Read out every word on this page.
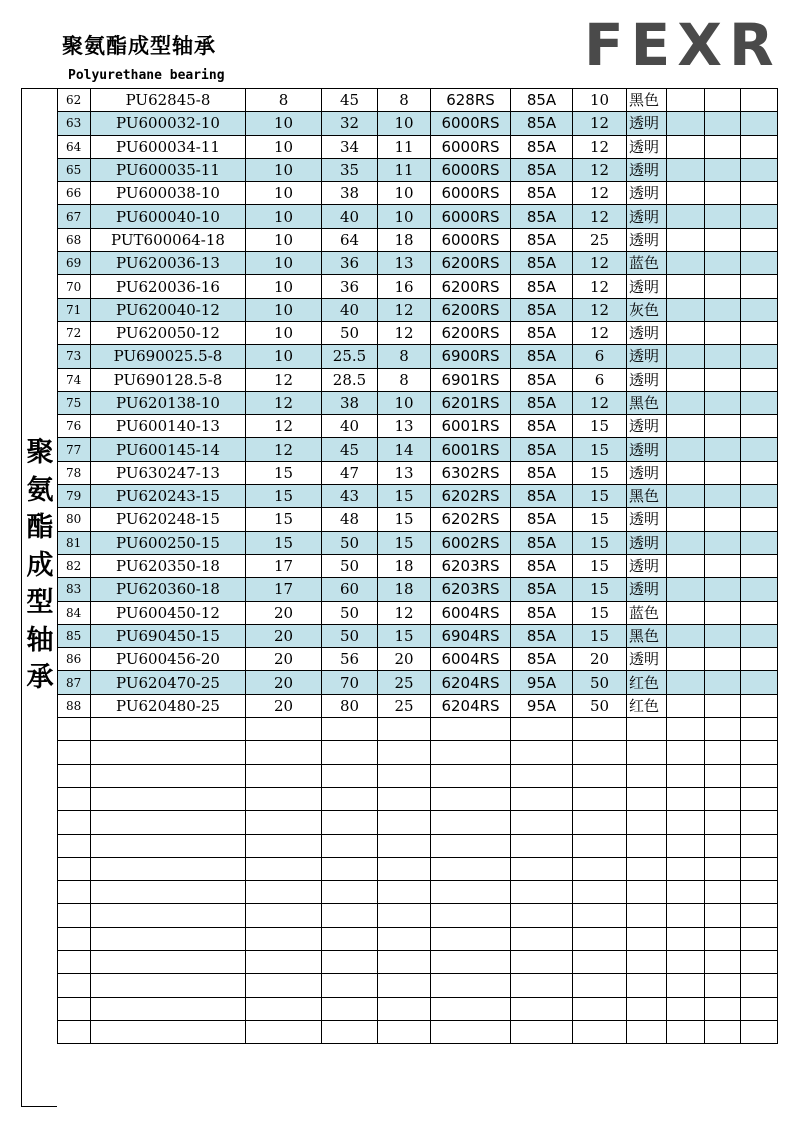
聚氨酯成型轴承
Polyurethane bearing	FEXR
聚
氨
酯
成
型
轴
承
62	PU62845-8	8	45	8	628RS	85A	10	黑色			
63	PU600032-10	10	32	10	6000RS	85A	12	透明			
64	PU600034-11	10	34	11	6000RS	85A	12	透明			
65	PU600035-11	10	35	11	6000RS	85A	12	透明			
66	PU600038-10	10	38	10	6000RS	85A	12	透明			
67	PU600040-10	10	40	10	6000RS	85A	12	透明			
68	PUT600064-18	10	64	18	6000RS	85A	25	透明			
69	PU620036-13	10	36	13	6200RS	85A	12	蓝色			
70	PU620036-16	10	36	16	6200RS	85A	12	透明			
71	PU620040-12	10	40	12	6200RS	85A	12	灰色			
72	PU620050-12	10	50	12	6200RS	85A	12	透明			
73	PU690025.5-8	10	25.5	8	6900RS	85A	6	透明			
74	PU690128.5-8	12	28.5	8	6901RS	85A	6	透明			
75	PU620138-10	12	38	10	6201RS	85A	12	黑色			
76	PU600140-13	12	40	13	6001RS	85A	15	透明			
77	PU600145-14	12	45	14	6001RS	85A	15	透明			
78	PU630247-13	15	47	13	6302RS	85A	15	透明			
79	PU620243-15	15	43	15	6202RS	85A	15	黑色			
80	PU620248-15	15	48	15	6202RS	85A	15	透明			
81	PU600250-15	15	50	15	6002RS	85A	15	透明			
82	PU620350-18	17	50	18	6203RS	85A	15	透明			
83	PU620360-18	17	60	18	6203RS	85A	15	透明			
84	PU600450-12	20	50	12	6004RS	85A	15	蓝色			
85	PU690450-15	20	50	15	6904RS	85A	15	黑色			
86	PU600456-20	20	56	20	6004RS	85A	20	透明			
87	PU620470-25	20	70	25	6204RS	95A	50	红色			
88	PU620480-25	20	80	25	6204RS	95A	50	红色			
